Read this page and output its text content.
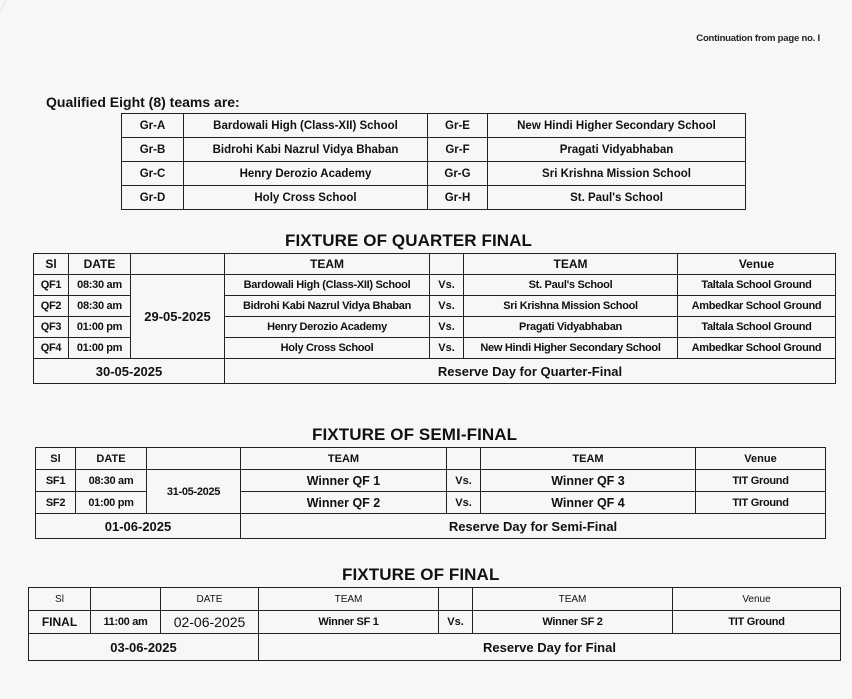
Continuation from page no. I
Qualified Eight (8) teams are:
Gr-A	Bardowali High (Class-XII) School	Gr-E	New Hindi Higher Secondary School
Gr-B	Bidrohi Kabi Nazrul Vidya Bhaban	Gr-F	Pragati Vidyabhaban
Gr-C	Henry Derozio Academy	Gr-G	Sri Krishna Mission School
Gr-D	Holy Cross School	Gr-H	St. Paul's School
FIXTURE OF QUARTER FINAL
Sl	DATE		TEAM		TEAM	Venue
QF1	08:30 am	29-05-2025	Bardowali High (Class-XII) School	Vs.	St. Paul's School	Taltala School Ground
QF2	08:30 am		Bidrohi Kabi Nazrul Vidya Bhaban	Vs.	Sri Krishna Mission School	Ambedkar School Ground
QF3	01:00 pm		Henry Derozio Academy	Vs.	Pragati Vidyabhaban	Taltala School Ground
QF4	01:00 pm		Holy Cross School	Vs.	New Hindi Higher Secondary School	Ambedkar School Ground
30-05-2025			Reserve Day for Quarter-Final			
FIXTURE OF SEMI-FINAL
Sl	DATE		TEAM		TEAM	Venue
SF1	08:30 am	31-05-2025	Winner QF 1	Vs.	Winner QF 3	TIT Ground
SF2	01:00 pm		Winner QF 2	Vs.	Winner QF 4	TIT Ground
01-06-2025			Reserve Day for Semi-Final			
FIXTURE OF FINAL
Sl		DATE	TEAM		TEAM	Venue
FINAL	11:00 am	02-06-2025	Winner SF 1	Vs.	Winner SF 2	TIT Ground
03-06-2025			Reserve Day for Final			
